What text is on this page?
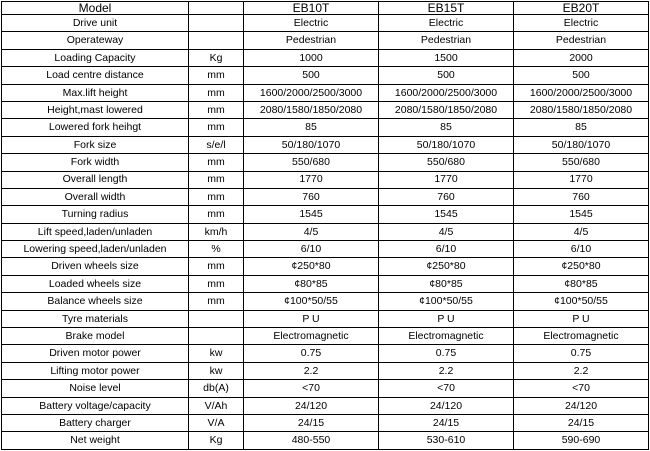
Model		EB10T	EB15T	EB20T
Drive unit		Electric	Electric	Electric
Operateway		Pedestrian	Pedestrian	Pedestrian
Loading Capacity	Kg	1000	1500	2000
Load centre distance	mm	500	500	500
Max.lift height	mm	1600/2000/2500/3000	1600/2000/2500/3000	1600/2000/2500/3000
Height,mast lowered	mm	2080/1580/1850/2080	2080/1580/1850/2080	2080/1580/1850/2080
Lowered fork heihgt	mm	85	85	85
Fork size	s/e/l	50/180/1070	50/180/1070	50/180/1070
Fork width	mm	550/680	550/680	550/680
Overall length	mm	1770	1770	1770
Overall width	mm	760	760	760
Turning radius	mm	1545	1545	1545
Lift speed,laden/unladen	km/h	4/5	4/5	4/5
Lowering speed,laden/unladen	%	6/10	6/10	6/10
Driven wheels size	mm	¢250*80	¢250*80	¢250*80
Loaded wheels size	mm	¢80*85	¢80*85	¢80*85
Balance wheels size	mm	¢100*50/55	¢100*50/55	¢100*50/55
Tyre materials		P U	P U	P U
Brake model		Electromagnetic	Electromagnetic	Electromagnetic
Driven motor power	kw	0.75	0.75	0.75
Lifting motor power	kw	2.2	2.2	2.2
Noise level	db(A)	<70	<70	<70
Battery voltage/capacity	V/Ah	24/120	24/120	24/120
Battery charger	V/A	24/15	24/15	24/15
Net weight	Kg	480-550	530-610	590-690
